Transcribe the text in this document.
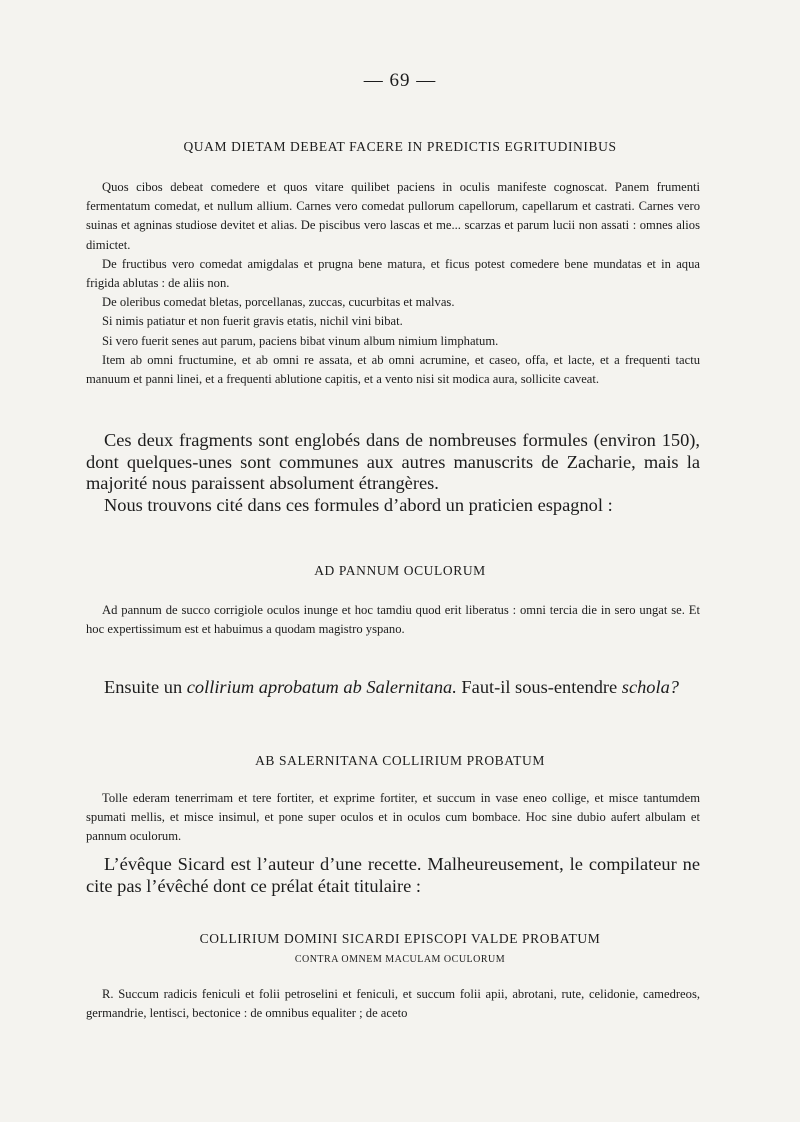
— 69 —
QUAM DIETAM DEBEAT FACERE IN PREDICTIS EGRITUDINIBUS

Quos cibos debeat comedere et quos vitare quilibet paciens in oculis manifeste cognoscat. Panem frumenti fermentatum comedat, et nullum allium. Carnes vero comedat pullorum capellorum, capellarum et castrati. Carnes vero suinas et agninas studiose devitet et alias. De piscibus vero lascas et me... scarzas et parum lucii non assati : omnes alios dimictet.

De fructibus vero comedat amigdalas et prugna bene matura, et ficus potest comedere bene mundatas et in aqua frigida ablutas : de aliis non.

De oleribus comedat bletas, porcellanas, zuccas, cucurbitas et malvas.

Si nimis patiatur et non fuerit gravis etatis, nichil vini bibat.

Si vero fuerit senes aut parum, paciens bibat vinum album nimium limphatum.

Item ab omni fructumine, et ab omni re assata, et ab omni acrumine, et caseo, offa, et lacte, et a frequenti tactu manuum et panni linei, et a frequenti ablutione capitis, et a vento nisi sit modica aura, sollicite caveat.

Ces deux fragments sont englobés dans de nombreuses formules (environ 150), dont quelques-unes sont communes aux autres manuscrits de Zacharie, mais la majorité nous paraissent absolument étrangères.

Nous trouvons cité dans ces formules d’abord un praticien espagnol :

AD PANNUM OCULORUM

Ad pannum de succo corrigiole oculos inunge et hoc tamdiu quod erit liberatus : omni tercia die in sero ungat se. Et hoc expertissimum est et habuimus a quodam magistro yspano.

Ensuite un collirium aprobatum ab Salernitana. Faut-il sous-entendre schola?

AB SALERNITANA COLLIRIUM PROBATUM

Tolle ederam tenerrimam et tere fortiter, et exprime fortiter, et succum in vase eneo collige, et misce tantumdem spumati mellis, et misce insimul, et pone super oculos et in oculos cum bombace. Hoc sine dubio aufert albulam et pannum oculorum.

L’évêque Sicard est l’auteur d’une recette. Malheureusement, le compilateur ne cite pas l’évêché dont ce prélat était titulaire :

COLLIRIUM DOMINI SICARDI EPISCOPI VALDE PROBATUM
CONTRA OMNEM MACULAM OCULORUM

R. Succum radicis feniculi et folii petroselini et feniculi, et succum folii apii, abrotani, rute, celidonie, camedreos, germandrie, lentisci, bectonice : de omnibus equaliter ; de aceto
